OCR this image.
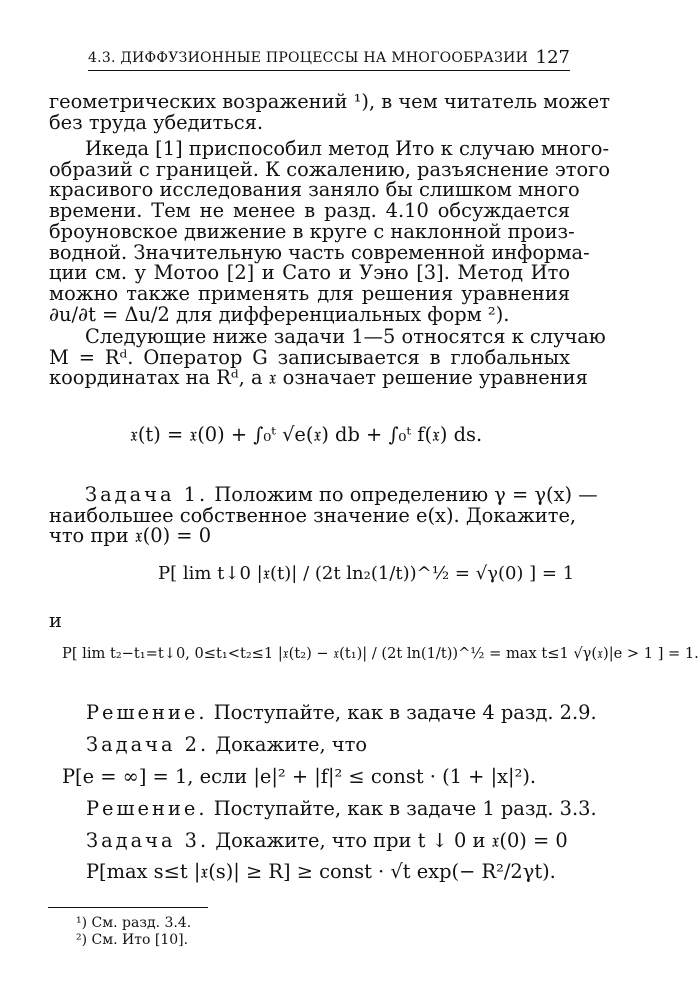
4.3. ДИФФУЗИОННЫЕ ПРОЦЕССЫ НА МНОГООБРАЗИИ 127
геометрических возражений ¹), в чем читатель может
без труда убедиться.
Икеда [1] приспособил метод Ито к случаю много-
образий с границей. К сожалению, разъяснение этого
красивого исследования заняло бы слишком много
времени. Тем не менее в разд. 4.10 обсуждается
броуновское движение в круге с наклонной произ-
водной. Значительную часть современной информа-
ции см. у Мотоо [2] и Сато и Уэно [3]. Метод Ито
можно также применять для решения уравнения
∂u/∂t = Δu/2 для дифференциальных форм ²).
Следующие ниже задачи 1—5 относятся к случаю
M = Rᵈ. Оператор G записывается в глобальных
координатах на Rᵈ, а 𝔵 означает решение уравнения
𝔵(t) = 𝔵(0) + ∫₀ᵗ √e(𝔵) db + ∫₀ᵗ f(𝔵) ds.
Задача 1. Положим по определению γ = γ(x) —
наибольшее собственное значение e(x). Докажите,
что при 𝔵(0) = 0
P[ lim t↓0 |𝔵(t)| / (2t ln₂(1/t))^½ = √γ(0) ] = 1
и
P[ lim t₂−t₁=t↓0, 0≤t₁<t₂≤1 |𝔵(t₂) − 𝔵(t₁)| / (2t ln(1/t))^½ = max t≤1 √γ(𝔵)|e > 1 ] = 1.
Решение. Поступайте, как в задаче 4 разд. 2.9.
Задача 2. Докажите, что
P[e = ∞] = 1, если |e|² + |f|² ≤ const · (1 + |x|²).
Решение. Поступайте, как в задаче 1 разд. 3.3.
Задача 3. Докажите, что при t ↓ 0 и 𝔵(0) = 0
P[max s≤t |𝔵(s)| ≥ R] ≥ const · √t exp(− R²/2γt).
¹) См. разд. 3.4.
²) См. Ито [10].
